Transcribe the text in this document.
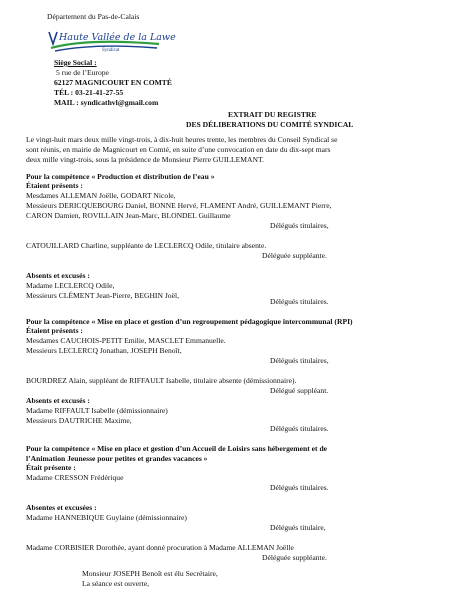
Département du Pas-de-Calais
Haute Vallée de la Lawe
Syndicat
Siège Social :
5 rue de l’Europe
62127 MAGNICOURT EN COMTÉ
TÉL : 03-21-41-27-55
MAIL : syndicathvl@gmail.com
EXTRAIT DU REGISTRE
DES DÉLIBERATIONS DU COMITÉ SYNDICAL
Le vingt-huit mars deux mille vingt-trois, à dix-huit heures trente, les membres du Conseil Syndical se
sont réunis, en mairie de Magnicourt en Comté, en suite d’une convocation en date du dix-sept mars
deux mille vingt-trois, sous la présidence de Monsieur Pierre GUILLEMANT.
Pour la compétence « Production et distribution de l’eau »
Étaient présents :
Mesdames ALLEMAN Joëlle, GODART Nicole,
Messieurs DERICQUEBOURG Daniel, BONNE Hervé, FLAMENT André, GUILLEMANT Pierre,
CARON Damien, ROVILLAIN Jean-Marc, BLONDEL Guillaume
Délégués titulaires,
CATOUILLARD Charline, suppléante de LECLERCQ Odile, titulaire absente.
Déléguée suppléante.
Absents et excusés :
Madame LECLERCQ Odile,
Messieurs CLÉMENT Jean-Pierre, BEGHIN Joël,
Délégués titulaires.
Pour la compétence « Mise en place et gestion d’un regroupement pédagogique intercommunal (RPI)
Étaient présents :
Mesdames CAUCHOIS-PETIT Emilie, MASCLET Emmanuelle.
Messieurs LECLERCQ Jonathan, JOSEPH Benoît,
Délégués titulaires,
BOURDREZ Alain, suppléant de RIFFAULT Isabelle, titulaire absente (démissionnaire).
Délégué suppléant.
Absents et excusés :
Madame RIFFAULT Isabelle (démissionnaire)
Messieurs DAUTRICHE Maxime,
Délégués titulaires.
Pour la compétence « Mise en place et gestion d’un Accueil de Loisirs sans hébergement et de
l’Animation Jeunesse pour petites et grandes vacances »
Était présente :
Madame CRESSON Frédérique
Délégués titulaires.
Absentes et excusées :
Madame HANNEBIQUE Guylaine (démissionnaire)
Délégués titulaire,
Madame CORBISIER Dorothée, ayant donné procuration à Madame ALLEMAN Joëlle
Déléguée suppléante.
Monsieur JOSEPH Benoît est élu Secrétaire,
La séance est ouverte,
